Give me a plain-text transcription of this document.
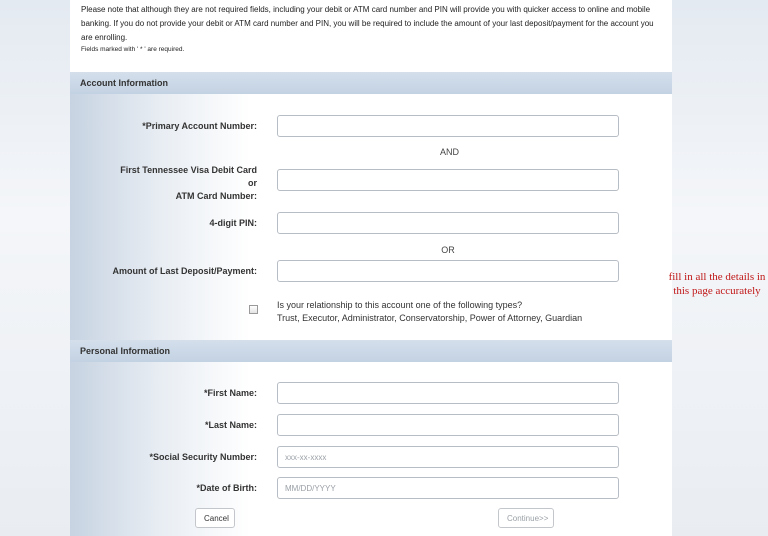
Please note that although they are not required fields, including your debit or ATM card number and PIN will provide you with quicker access to online and mobile banking. If you do not provide your debit or ATM card number and PIN, you will be required to include the amount of your last deposit/payment for the account you are enrolling.
Fields marked with ' * ' are required.
Account Information
*Primary Account Number:
AND
First Tennessee Visa Debit Card
or
ATM Card Number:
4-digit PIN:
OR
Amount of Last Deposit/Payment:
Is your relationship to this account one of the following types?
Trust, Executor, Administrator, Conservatorship, Power of Attorney, Guardian
Personal Information
*First Name:
*Last Name:
*Social Security Number:
xxx-xx-xxxx
*Date of Birth:
MM/DD/YYYY
Cancel	Continue>>
fill in all the details in
this page accurately
